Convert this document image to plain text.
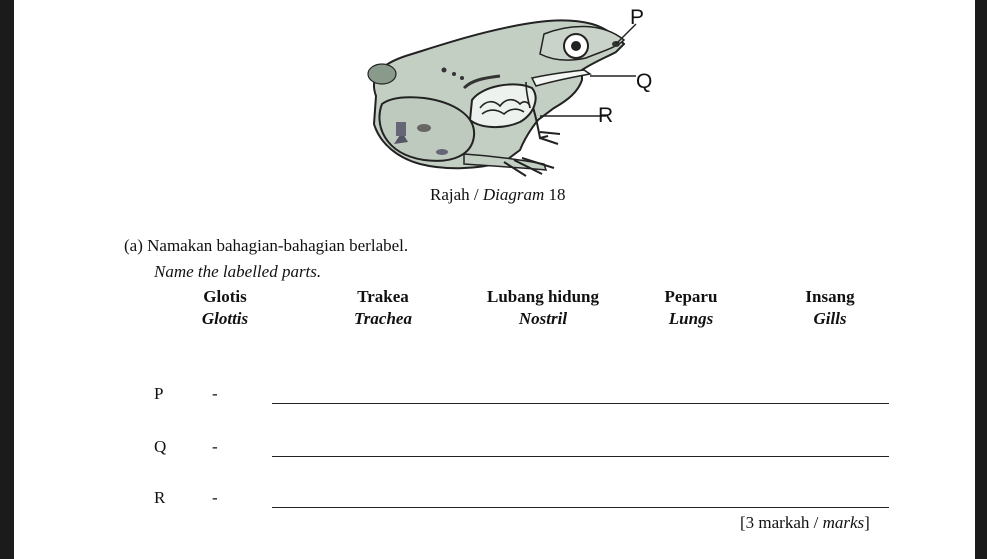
P
Q
R
Rajah / Diagram 18
(a) Namakan bahagian-bahagian berlabel.
Name the labelled parts.
Glotis
Glottis
Trakea
Trachea
Lubang hidung
Nostril
Peparu
Lungs
Insang
Gills
P	-
Q	-
R	-
[3 markah / marks]
